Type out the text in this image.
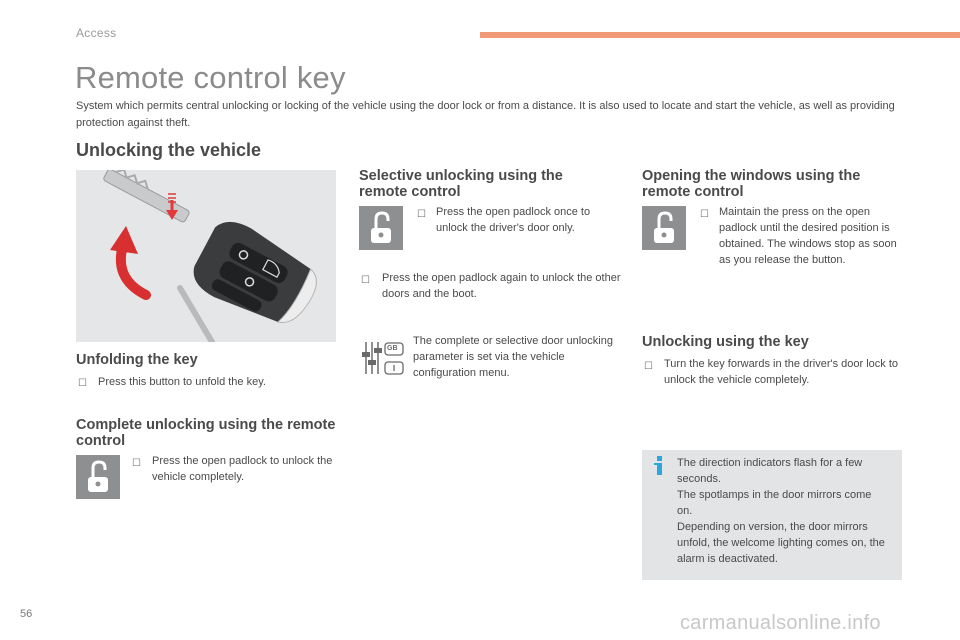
Access
Remote control key
System which permits central unlocking or locking of the vehicle using the door lock or from a distance. It is also used to locate and start the vehicle, as well as providing protection against theft.
Unlocking the vehicle
Unfolding the key
☐ Press this button to unfold the key.
Complete unlocking using the remote control
☐ Press the open padlock to unlock the vehicle completely.
Selective unlocking using the remote control
☐ Press the open padlock once to unlock the driver's door only.
☐ Press the open padlock again to unlock the other doors and the boot.
GB
The complete or selective door unlocking parameter is set via the vehicle configuration menu.
Opening the windows using the remote control
☐ Maintain the press on the open padlock until the desired position is obtained. The windows stop as soon as you release the button.
Unlocking using the key
☐ Turn the key forwards in the driver's door lock to unlock the vehicle completely.
The direction indicators flash for a few seconds.
The spotlamps in the door mirrors come on.
Depending on version, the door mirrors unfold, the welcome lighting comes on, the alarm is deactivated.
56	carmanualsonline.info
